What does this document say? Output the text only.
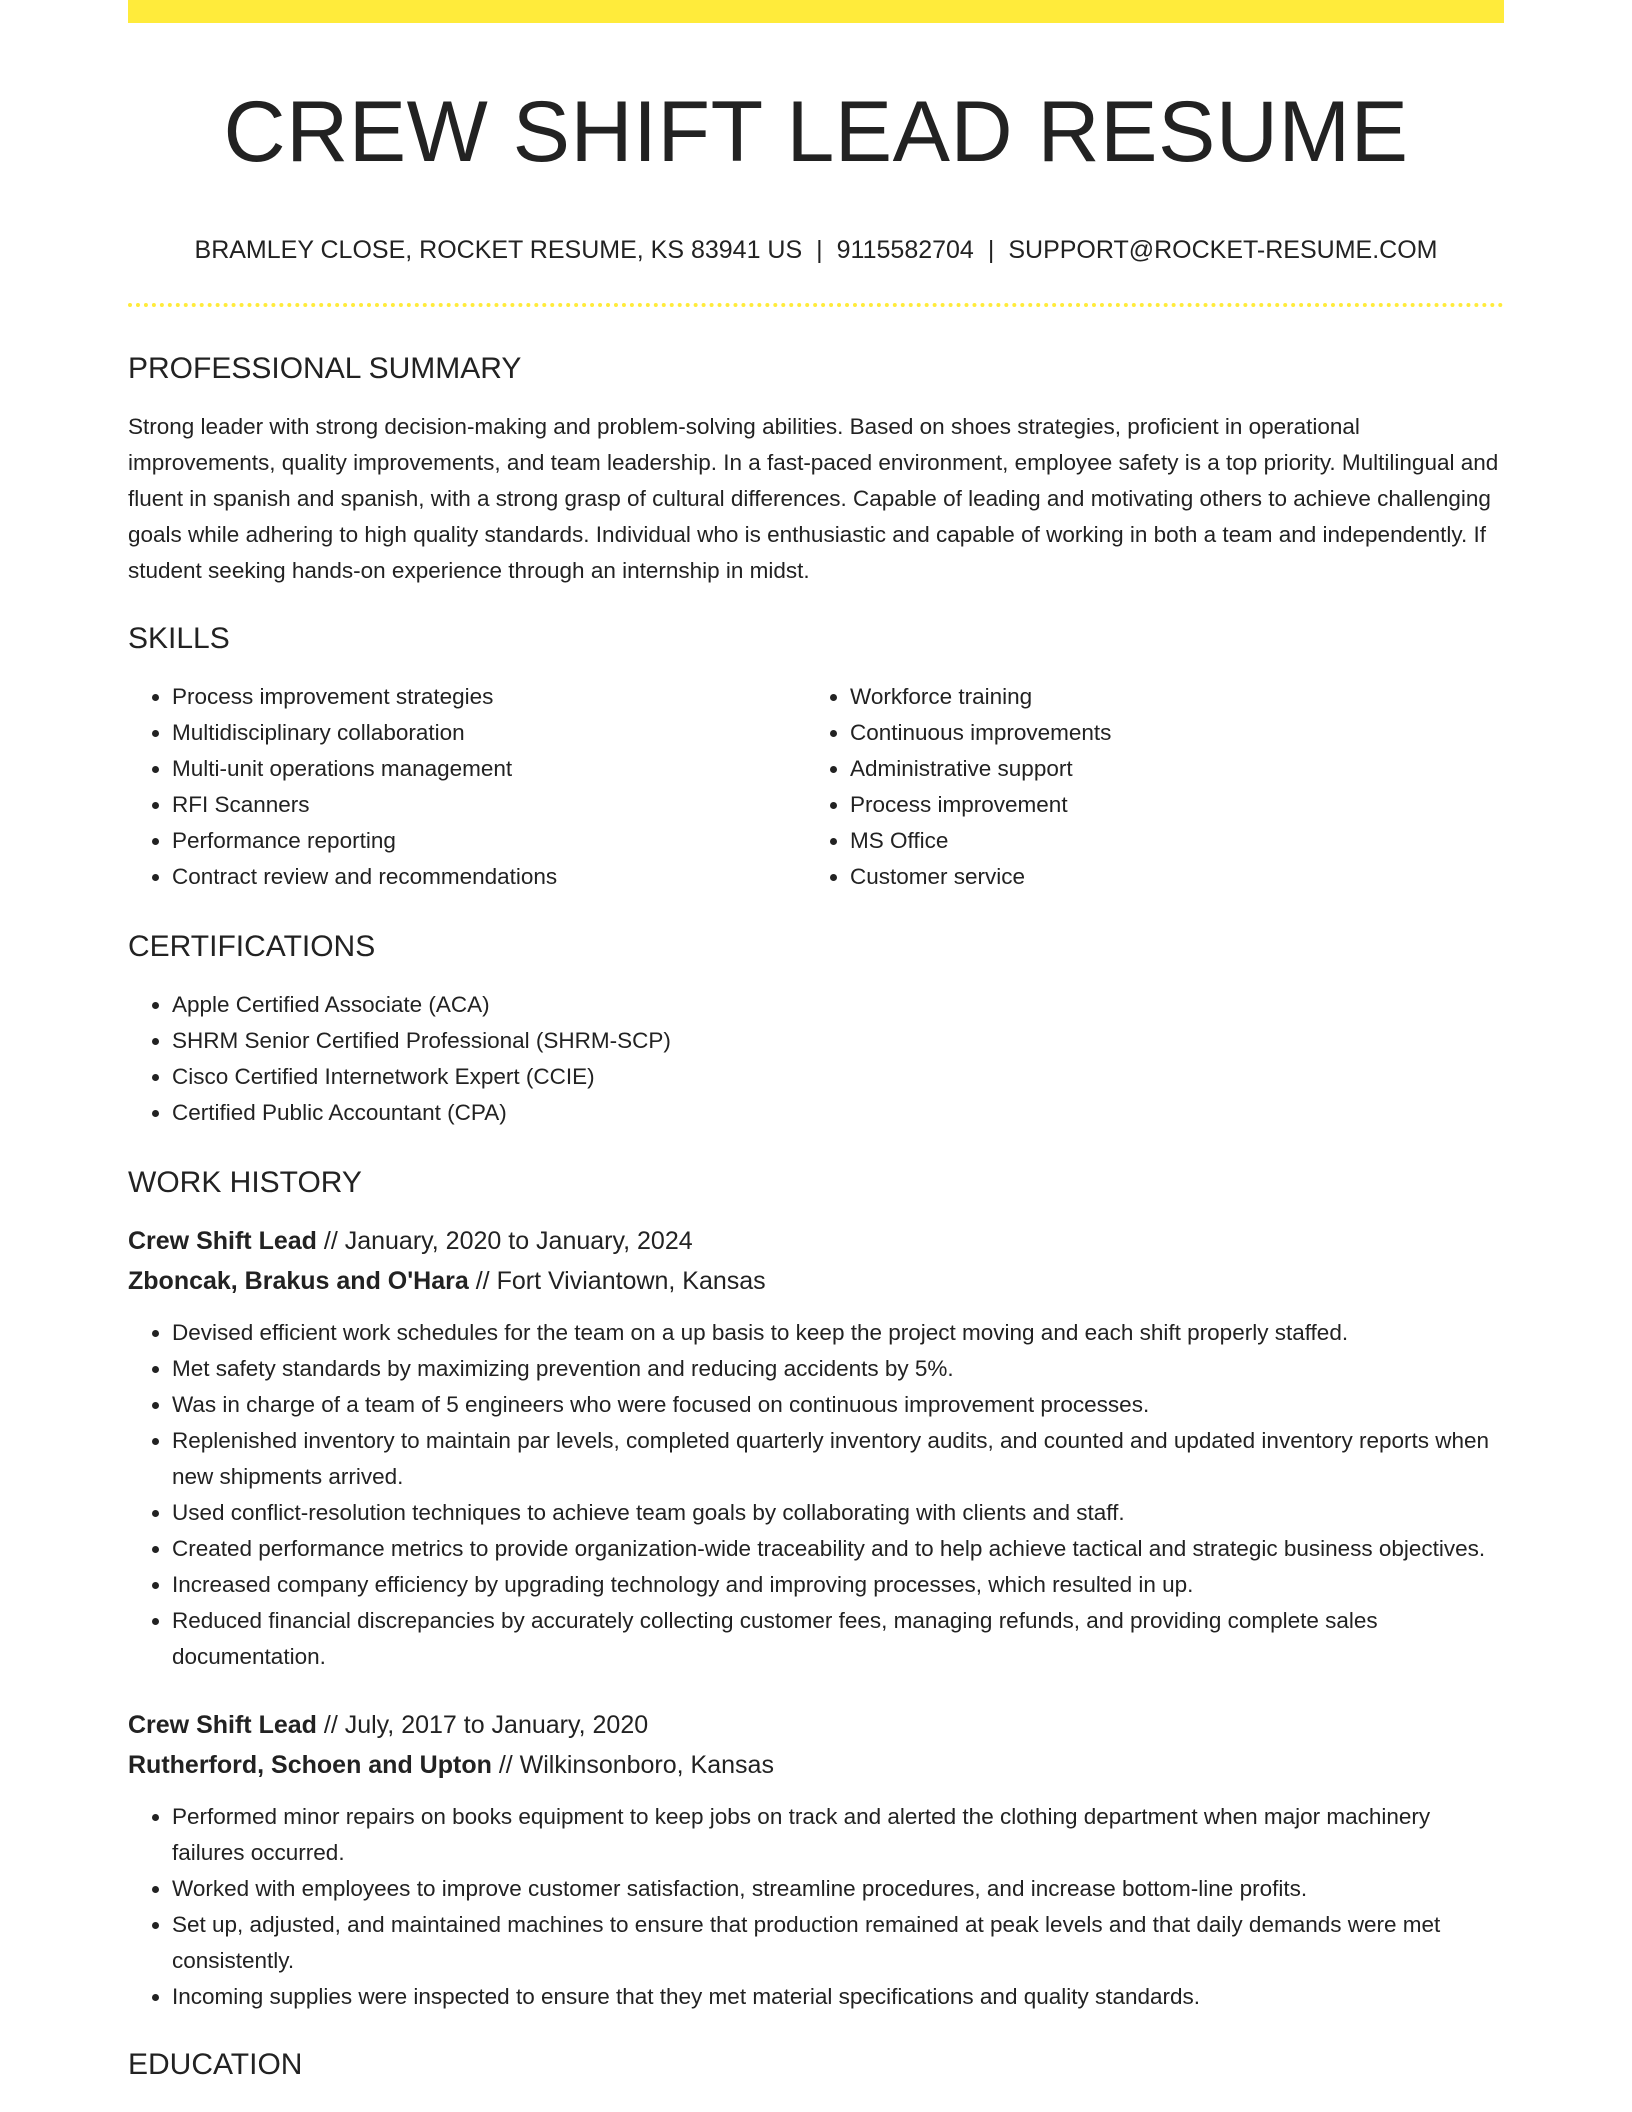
CREW SHIFT LEAD RESUME
BRAMLEY CLOSE, ROCKET RESUME, KS 83941 US | 9115582704 | SUPPORT@ROCKET-RESUME.COM
PROFESSIONAL SUMMARY

Strong leader with strong decision-making and problem-solving abilities. Based on shoes strategies, proficient in operational improvements, quality improvements, and team leadership. In a fast-paced environment, employee safety is a top priority. Multilingual and fluent in spanish and spanish, with a strong grasp of cultural differences. Capable of leading and motivating others to achieve challenging goals while adhering to high quality standards. Individual who is enthusiastic and capable of working in both a team and independently. If student seeking hands-on experience through an internship in midst.

SKILLS
• Process improvement strategies
• Multidisciplinary collaboration
• Multi-unit operations management
• RFI Scanners
• Performance reporting
• Contract review and recommendations
• Workforce training
• Continuous improvements
• Administrative support
• Process improvement
• MS Office
• Customer service
CERTIFICATIONS
• Apple Certified Associate (ACA)
• SHRM Senior Certified Professional (SHRM-SCP)
• Cisco Certified Internetwork Expert (CCIE)
• Certified Public Accountant (CPA)
WORK HISTORY
Crew Shift Lead // January, 2020 to January, 2024
Zboncak, Brakus and O'Hara // Fort Viviantown, Kansas
• Devised efficient work schedules for the team on a up basis to keep the project moving and each shift properly staffed.
• Met safety standards by maximizing prevention and reducing accidents by 5%.
• Was in charge of a team of 5 engineers who were focused on continuous improvement processes.
• Replenished inventory to maintain par levels, completed quarterly inventory audits, and counted and updated inventory reports when new shipments arrived.
• Used conflict-resolution techniques to achieve team goals by collaborating with clients and staff.
• Created performance metrics to provide organization-wide traceability and to help achieve tactical and strategic business objectives.
• Increased company efficiency by upgrading technology and improving processes, which resulted in up.
• Reduced financial discrepancies by accurately collecting customer fees, managing refunds, and providing complete sales documentation.
Crew Shift Lead // July, 2017 to January, 2020
Rutherford, Schoen and Upton // Wilkinsonboro, Kansas
• Performed minor repairs on books equipment to keep jobs on track and alerted the clothing department when major machinery failures occurred.
• Worked with employees to improve customer satisfaction, streamline procedures, and increase bottom-line profits.
• Set up, adjusted, and maintained machines to ensure that production remained at peak levels and that daily demands were met consistently.
• Incoming supplies were inspected to ensure that they met material specifications and quality standards.
EDUCATION
